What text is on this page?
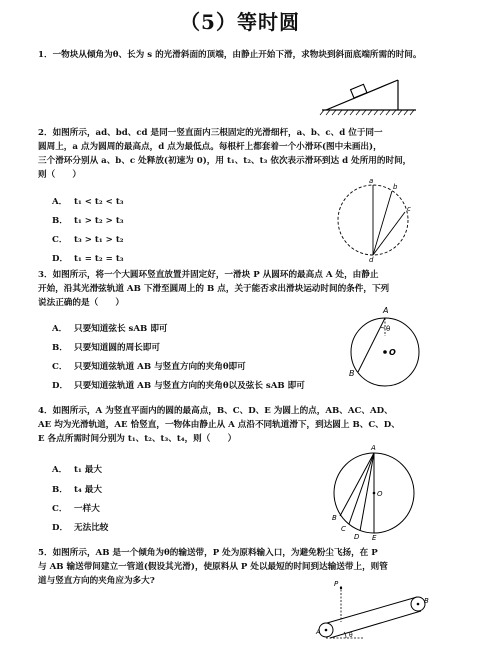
（5）等时圆
1．一物块从倾角为θ、长为 s 的光滑斜面的顶端，由静止开始下滑，求物块到斜面底端所需的时间。
2．如图所示，ad、bd、cd 是同一竖直面内三根固定的光滑细杆，a、b、c、d 位于同一
圆周上，a 点为圆周的最高点，d 点为最低点。每根杆上都套着一个小滑环(图中未画出)，
三个滑环分别从 a、b、c 处释放(初速为 0)，用 t₁、t₂、t₃ 依次表示滑环到达 d 处所用的时间，
则（　　）
A． t₁ < t₂ < t₃
B． t₁ > t₂ > t₃
C． t₃ > t₁ > t₂
D． t₁ = t₂ = t₃
a
b
c
d
3．如图所示，将一个大圆环竖直放置并固定好，一滑块 P 从圆环的最高点 A 处，由静止
开始，沿其光滑弦轨道 AB 下滑至圆周上的 B 点，关于能否求出滑块运动时间的条件，下列
说法正确的是（　　）
A． 只要知道弦长 sAB 即可
B． 只要知道圆的周长即可
C． 只要知道弦轨道 AB 与竖直方向的夹角θ即可
D． 只要知道弦轨道 AB 与竖直方向的夹角θ以及弦长 sAB 即可
A
B
O
θ
4．如图所示，A 为竖直平面内的圆的最高点，B、C、D、E 为圆上的点，AB、AC、AD、
AE 均为光滑轨道，AE 恰竖直，一物体由静止从 A 点沿不同轨道滑下，到达圆上 B、C、D、
E 各点所需时间分别为 t₁、t₂、t₃、t₄，则（　　）
A． t₁ 最大
B． t₄ 最大
C． 一样大
D． 无法比较
A
B
C
D E
O
5．如图所示，AB 是一个倾角为θ的输送带，P 处为原料输入口，为避免粉尘飞扬，在 P
与 AB 输送带间建立一管道(假设其光滑)，使原料从 P 处以最短的时间到达输送带上，则管
道与竖直方向的夹角应为多大?	P
A
B
θ
